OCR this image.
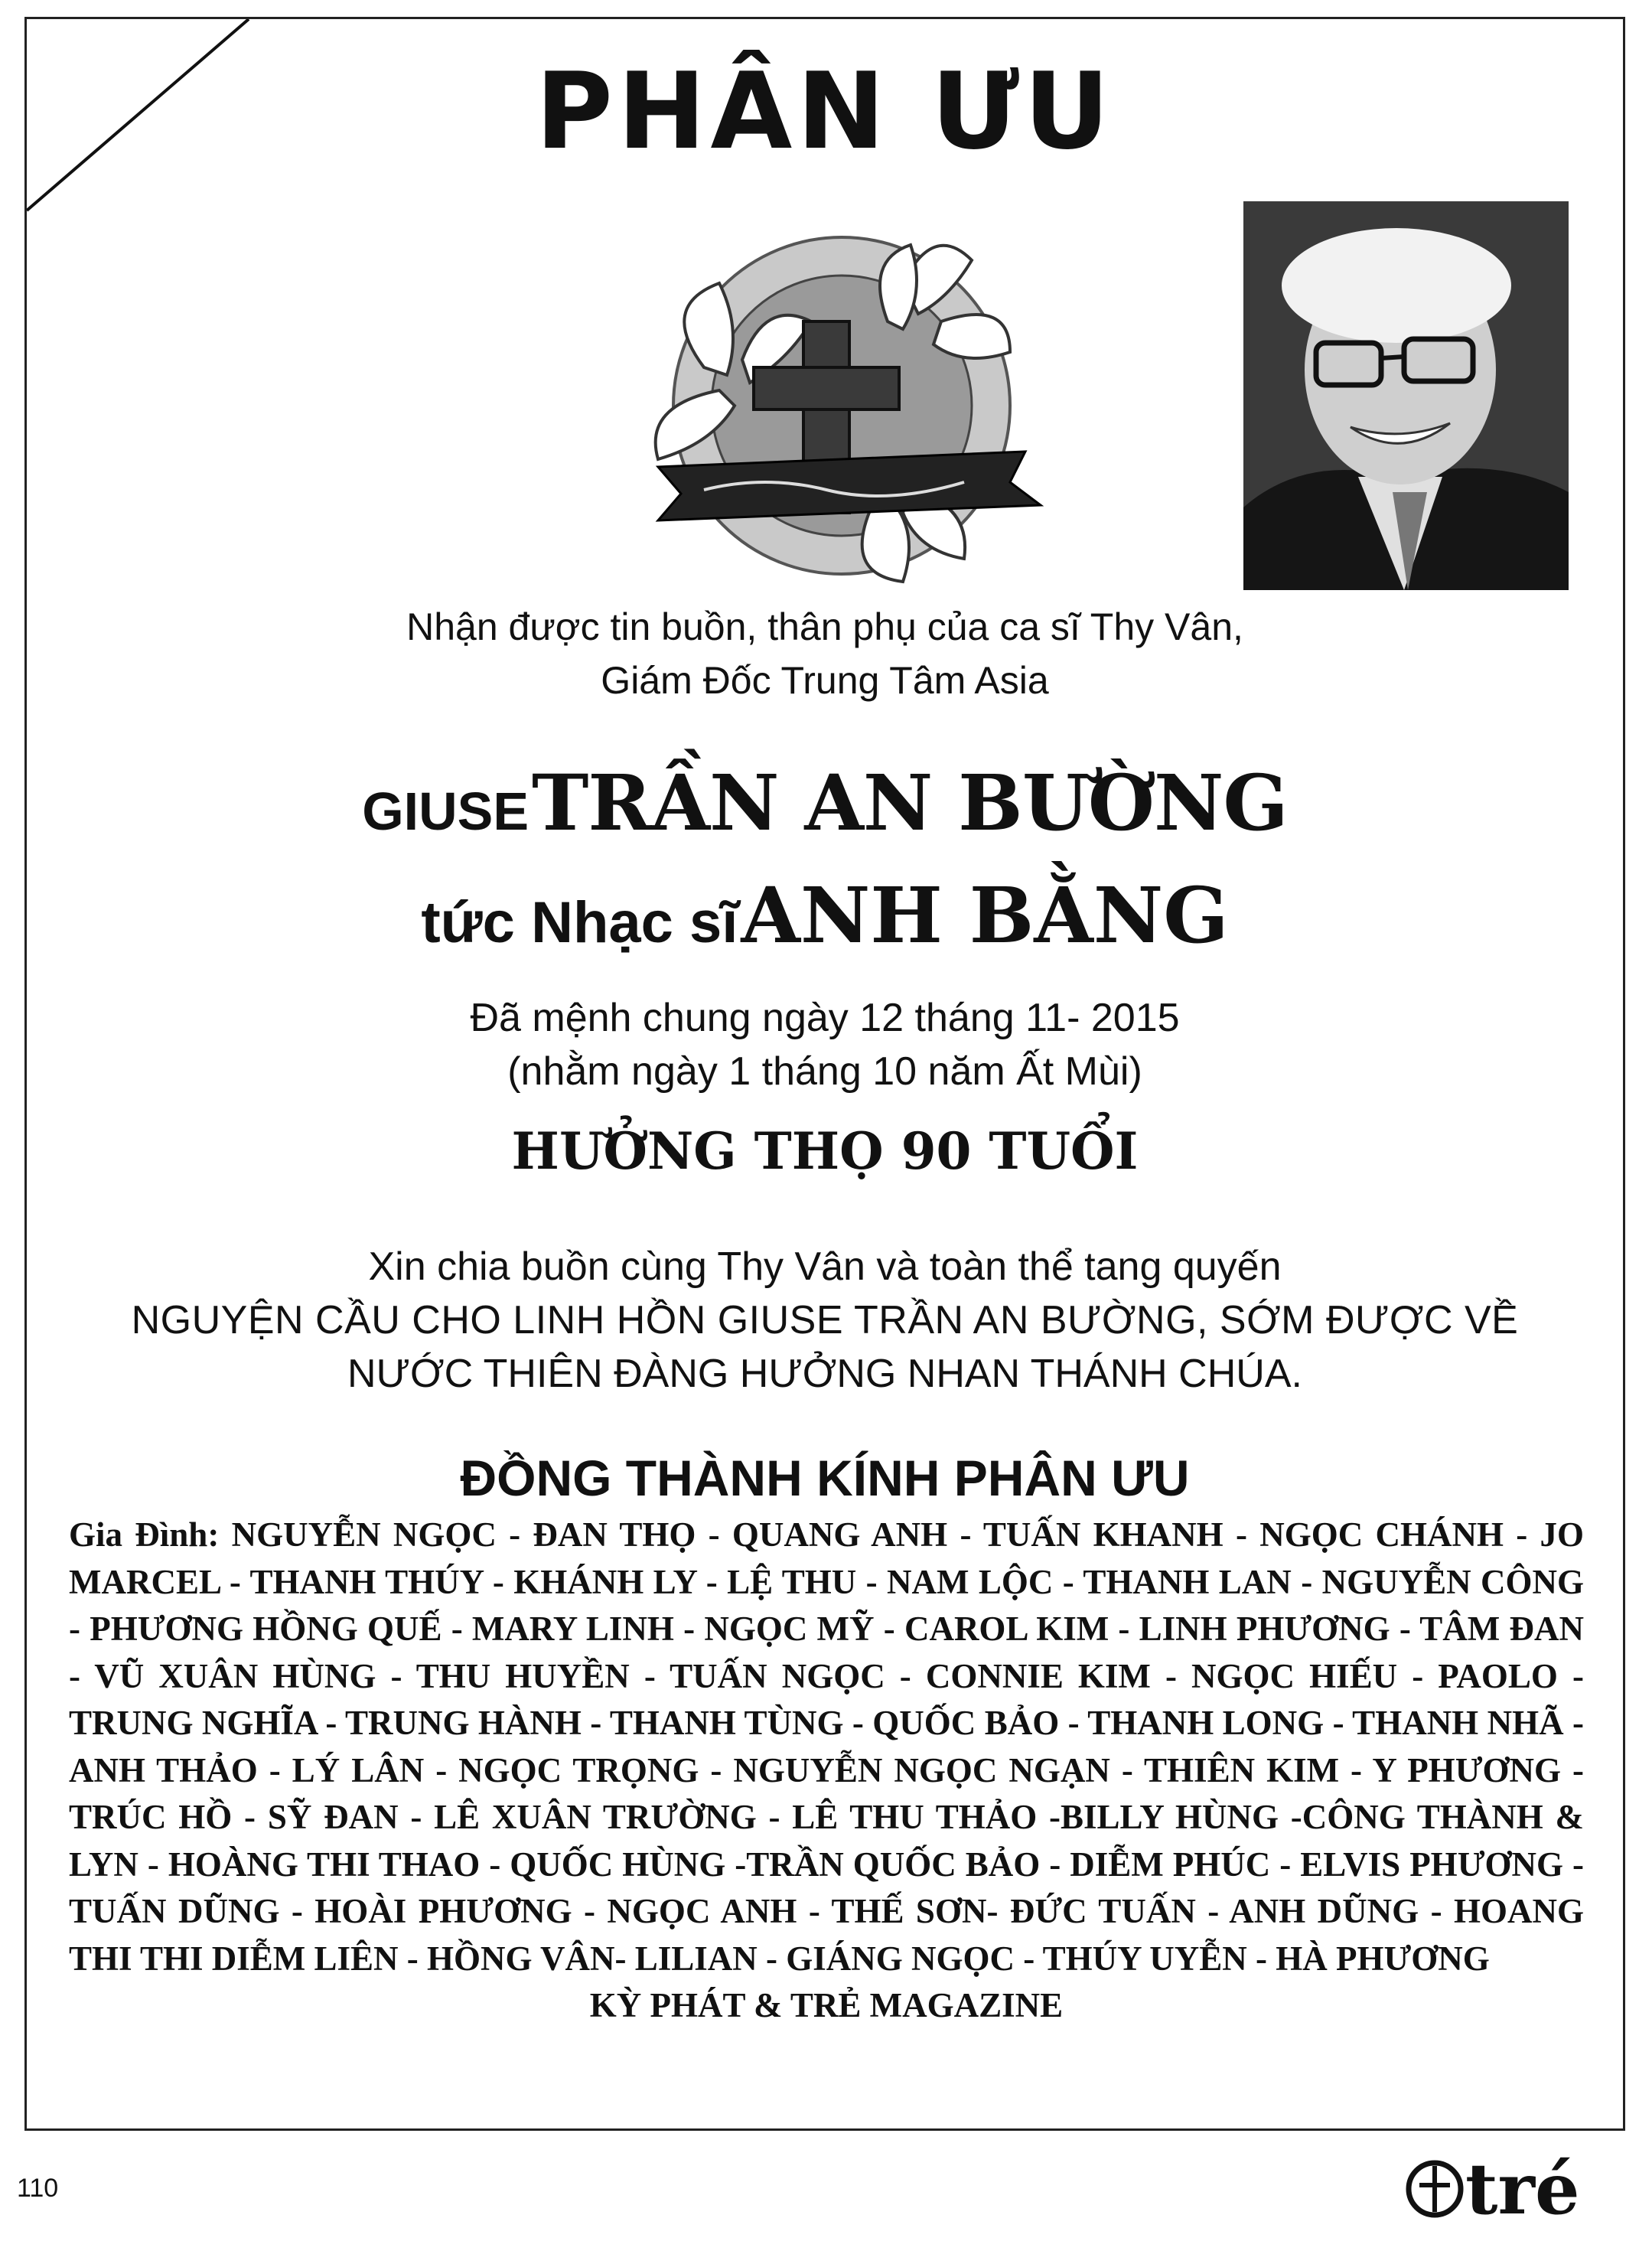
PHÂN ƯU
Nhận được tin buồn, thân phụ của ca sĩ Thy Vân,
Giám Đốc Trung Tâm Asia
GIUSE TRẦN AN BƯỜNG
tức Nhạc sĩ ANH BẰNG
Đã mệnh chung ngày 12 tháng 11- 2015
(nhằm ngày 1 tháng 10 năm Ất Mùi)
HƯỞNG THỌ 90 TUỔI
Xin chia buồn cùng Thy Vân và toàn thể tang quyến
NGUYỆN CẦU CHO LINH HỒN GIUSE TRẦN AN BƯỜNG, SỚM ĐƯỢC VỀ
NƯỚC THIÊN ĐÀNG HƯỞNG NHAN THÁNH CHÚA.
ĐỒNG THÀNH KÍNH PHÂN ƯU
Gia Đình: NGUYỄN NGỌC - ĐAN THỌ - QUANG ANH - TUẤN KHANH - NGỌC CHÁNH - JO MARCEL - THANH THÚY - KHÁNH LY - LỆ THU - NAM LỘC - THANH LAN - NGUYỄN CÔNG - PHƯƠNG HỒNG QUẾ - MARY LINH - NGỌC MỸ - CAROL KIM - LINH PHƯƠNG - TÂM ĐAN - VŨ XUÂN HÙNG - THU HUYỀN - TUẤN NGỌC - CONNIE KIM - NGỌC HIẾU - PAOLO - TRUNG NGHĨA - TRUNG HÀNH - THANH TÙNG - QUỐC BẢO - THANH LONG - THANH NHÃ - ANH THẢO - LÝ LÂN - NGỌC TRỌNG - NGUYỄN NGỌC NGẠN - THIÊN KIM - Y PHƯƠNG - TRÚC HỒ - SỸ ĐAN - LÊ XUÂN TRƯỜNG - LÊ THU THẢO -BILLY HÙNG -CÔNG THÀNH & LYN - HOÀNG THI THAO - QUỐC HÙNG -TRẦN QUỐC BẢO - DIỄM PHÚC - ELVIS PHƯƠNG - TUẤN DŨNG - HOÀI PHƯƠNG - NGỌC ANH - THẾ SƠN- ĐỨC TUẤN - ANH DŨNG - HOANG THI THI DIỄM LIÊN - HỒNG VÂN- LILIAN - GIÁNG NGỌC - THÚY UYỄN - HÀ PHƯƠNG
KỲ PHÁT & TRẺ MAGAZINE
110	tré
